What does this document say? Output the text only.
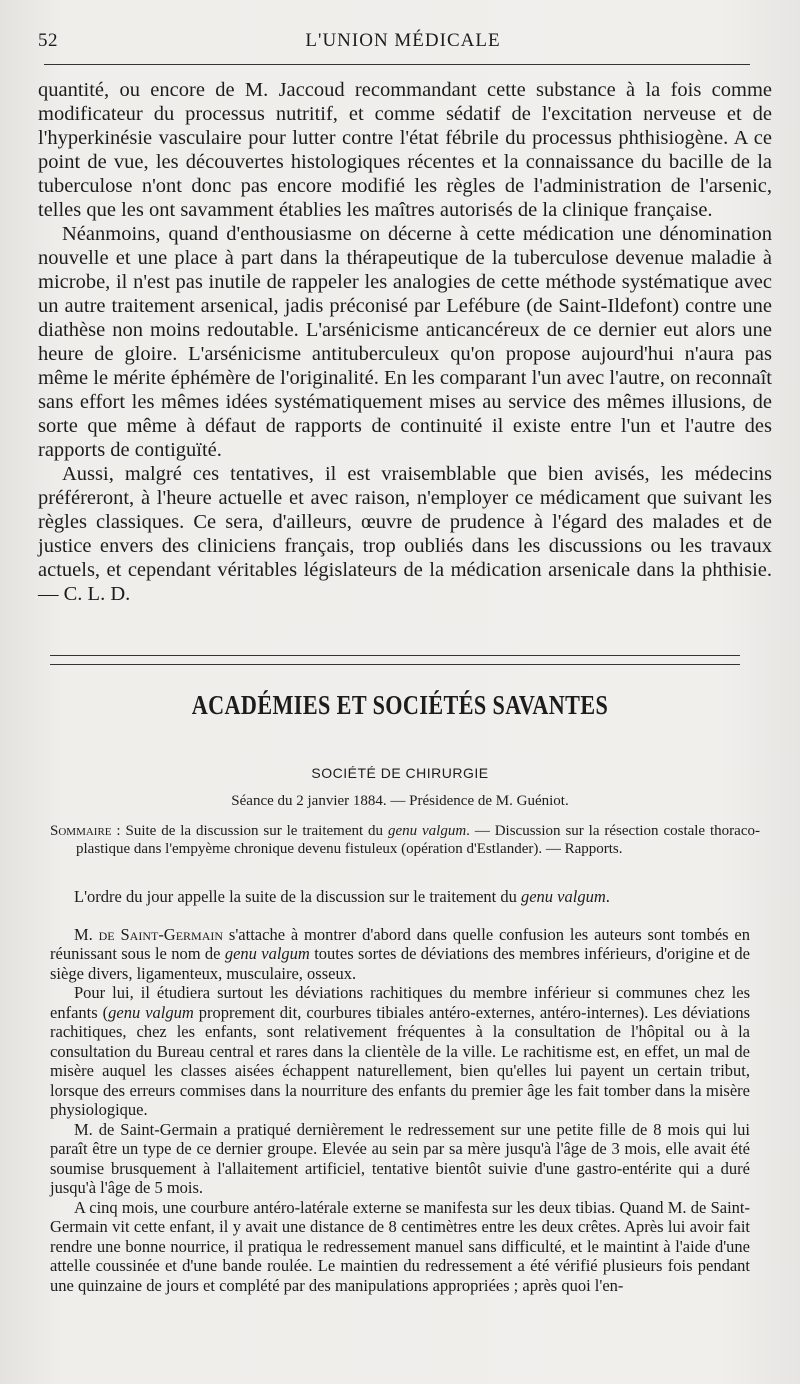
52	L'UNION MÉDICALE

quantité, ou encore de M. Jaccoud recommandant cette substance à la fois comme modificateur du processus nutritif, et comme sédatif de l'excitation nerveuse et de l'hyperkinésie vasculaire pour lutter contre l'état fébrile du processus phthisiogène. A ce point de vue, les découvertes histologiques récentes et la connaissance du bacille de la tuberculose n'ont donc pas encore modifié les règles de l'administration de l'arsenic, telles que les ont savamment établies les maîtres autorisés de la clinique française.

Néanmoins, quand d'enthousiasme on décerne à cette médication une dénomination nouvelle et une place à part dans la thérapeutique de la tuberculose devenue maladie à microbe, il n'est pas inutile de rappeler les analogies de cette méthode systématique avec un autre traitement arsenical, jadis préconisé par Lefébure (de Saint-Ildefont) contre une diathèse non moins redoutable. L'arsénicisme anticancéreux de ce dernier eut alors une heure de gloire. L'arsénicisme antituberculeux qu'on propose aujourd'hui n'aura pas même le mérite éphémère de l'originalité. En les comparant l'un avec l'autre, on reconnaît sans effort les mêmes idées systématiquement mises au service des mêmes illusions, de sorte que même à défaut de rapports de continuité il existe entre l'un et l'autre des rapports de contiguïté.

Aussi, malgré ces tentatives, il est vraisemblable que bien avisés, les médecins préféreront, à l'heure actuelle et avec raison, n'employer ce médicament que suivant les règles classiques. Ce sera, d'ailleurs, œuvre de prudence à l'égard des malades et de justice envers des cliniciens français, trop oubliés dans les discussions ou les travaux actuels, et cependant véritables législateurs de la médication arsenicale dans la phthisie. — C. L. D.

ACADÉMIES ET SOCIÉTÉS SAVANTES
SOCIÉTÉ DE CHIRURGIE
Séance du 2 janvier 1884. — Présidence de M. Guéniot.
Sommaire : Suite de la discussion sur le traitement du genu valgum. — Discussion sur la résection costale thoraco-plastique dans l'empyème chronique devenu fistuleux (opération d'Estlander). — Rapports.

L'ordre du jour appelle la suite de la discussion sur le traitement du genu valgum.

M. de Saint-Germain s'attache à montrer d'abord dans quelle confusion les auteurs sont tombés en réunissant sous le nom de genu valgum toutes sortes de déviations des membres inférieurs, d'origine et de siège divers, ligamenteux, musculaire, osseux.

Pour lui, il étudiera surtout les déviations rachitiques du membre inférieur si communes chez les enfants (genu valgum proprement dit, courbures tibiales antéro-externes, antéro-internes). Les déviations rachitiques, chez les enfants, sont relativement fréquentes à la consultation de l'hôpital ou à la consultation du Bureau central et rares dans la clientèle de la ville. Le rachitisme est, en effet, un mal de misère auquel les classes aisées échappent naturellement, bien qu'elles lui payent un certain tribut, lorsque des erreurs commises dans la nourriture des enfants du premier âge les fait tomber dans la misère physiologique.

M. de Saint-Germain a pratiqué dernièrement le redressement sur une petite fille de 8 mois qui lui paraît être un type de ce dernier groupe. Elevée au sein par sa mère jusqu'à l'âge de 3 mois, elle avait été soumise brusquement à l'allaitement artificiel, tentative bientôt suivie d'une gastro-entérite qui a duré jusqu'à l'âge de 5 mois.

A cinq mois, une courbure antéro-latérale externe se manifesta sur les deux tibias. Quand M. de Saint-Germain vit cette enfant, il y avait une distance de 8 centimètres entre les deux crêtes. Après lui avoir fait rendre une bonne nourrice, il pratiqua le redressement manuel sans difficulté, et le maintint à l'aide d'une attelle coussinée et d'une bande roulée. Le maintien du redressement a été vérifié plusieurs fois pendant une quinzaine de jours et complété par des manipulations appropriées ; après quoi l'en-
